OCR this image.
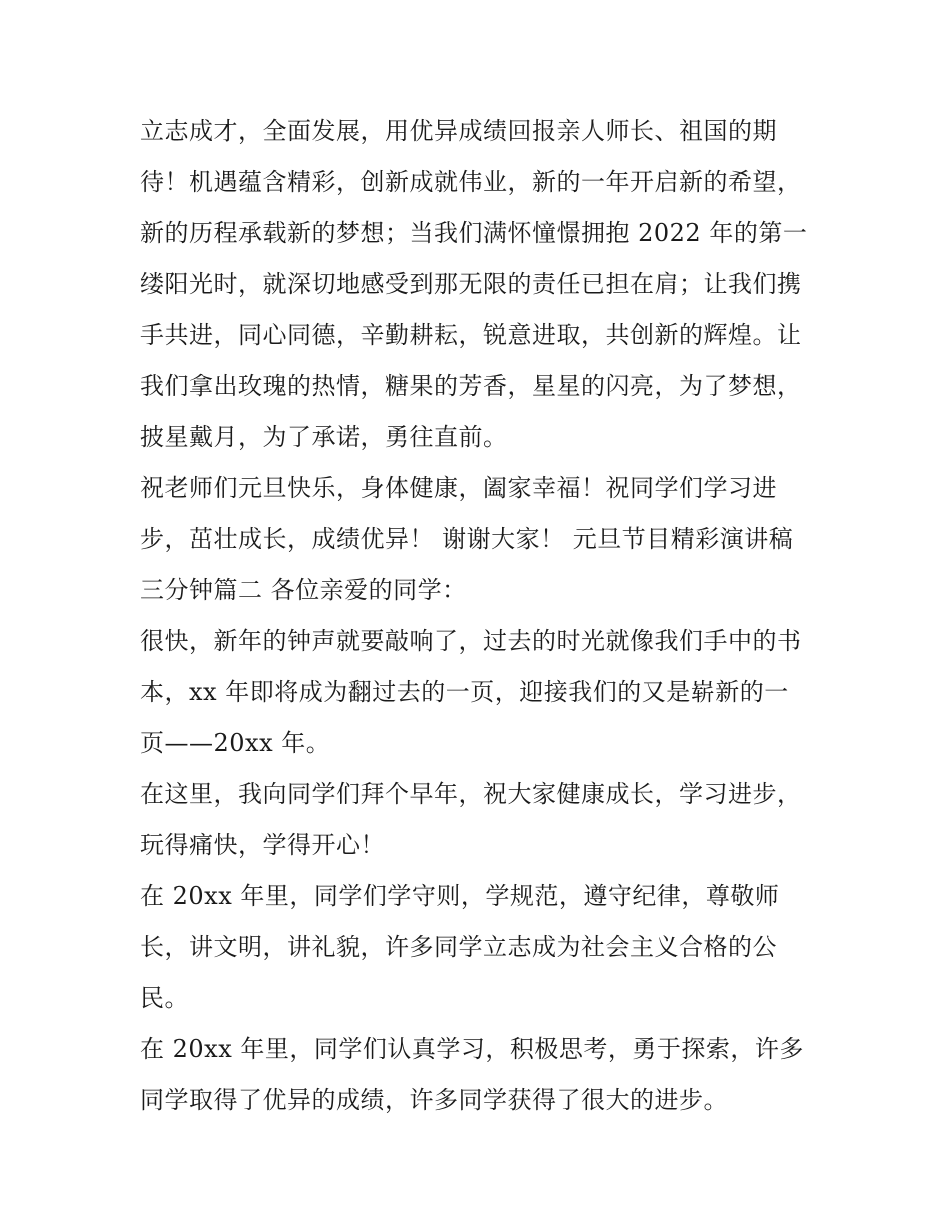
立志成才，全面发展，用优异成绩回报亲人师长、祖国的期
待！机遇蕴含精彩，创新成就伟业，新的一年开启新的希望，
新的历程承载新的梦想；当我们满怀憧憬拥抱 2022 年的第一
缕阳光时，就深切地感受到那无限的责任已担在肩；让我们携
手共进，同心同德，辛勤耕耘，锐意进取，共创新的辉煌。让
我们拿出玫瑰的热情，糖果的芳香，星星的闪亮，为了梦想，
披星戴月，为了承诺，勇往直前。
祝老师们元旦快乐，身体健康，阖家幸福！祝同学们学习进
步，茁壮成长，成绩优异！ 谢谢大家！ 元旦节目精彩演讲稿
三分钟篇二 各位亲爱的同学：
很快，新年的钟声就要敲响了，过去的时光就像我们手中的书
本，xx 年即将成为翻过去的一页，迎接我们的又是崭新的一
页——20xx 年。
在这里，我向同学们拜个早年，祝大家健康成长，学习进步，
玩得痛快，学得开心！
在 20xx 年里，同学们学守则，学规范，遵守纪律，尊敬师
长，讲文明，讲礼貌，许多同学立志成为社会主义合格的公
民。
在 20xx 年里，同学们认真学习，积极思考，勇于探索，许多
同学取得了优异的成绩，许多同学获得了很大的进步。
